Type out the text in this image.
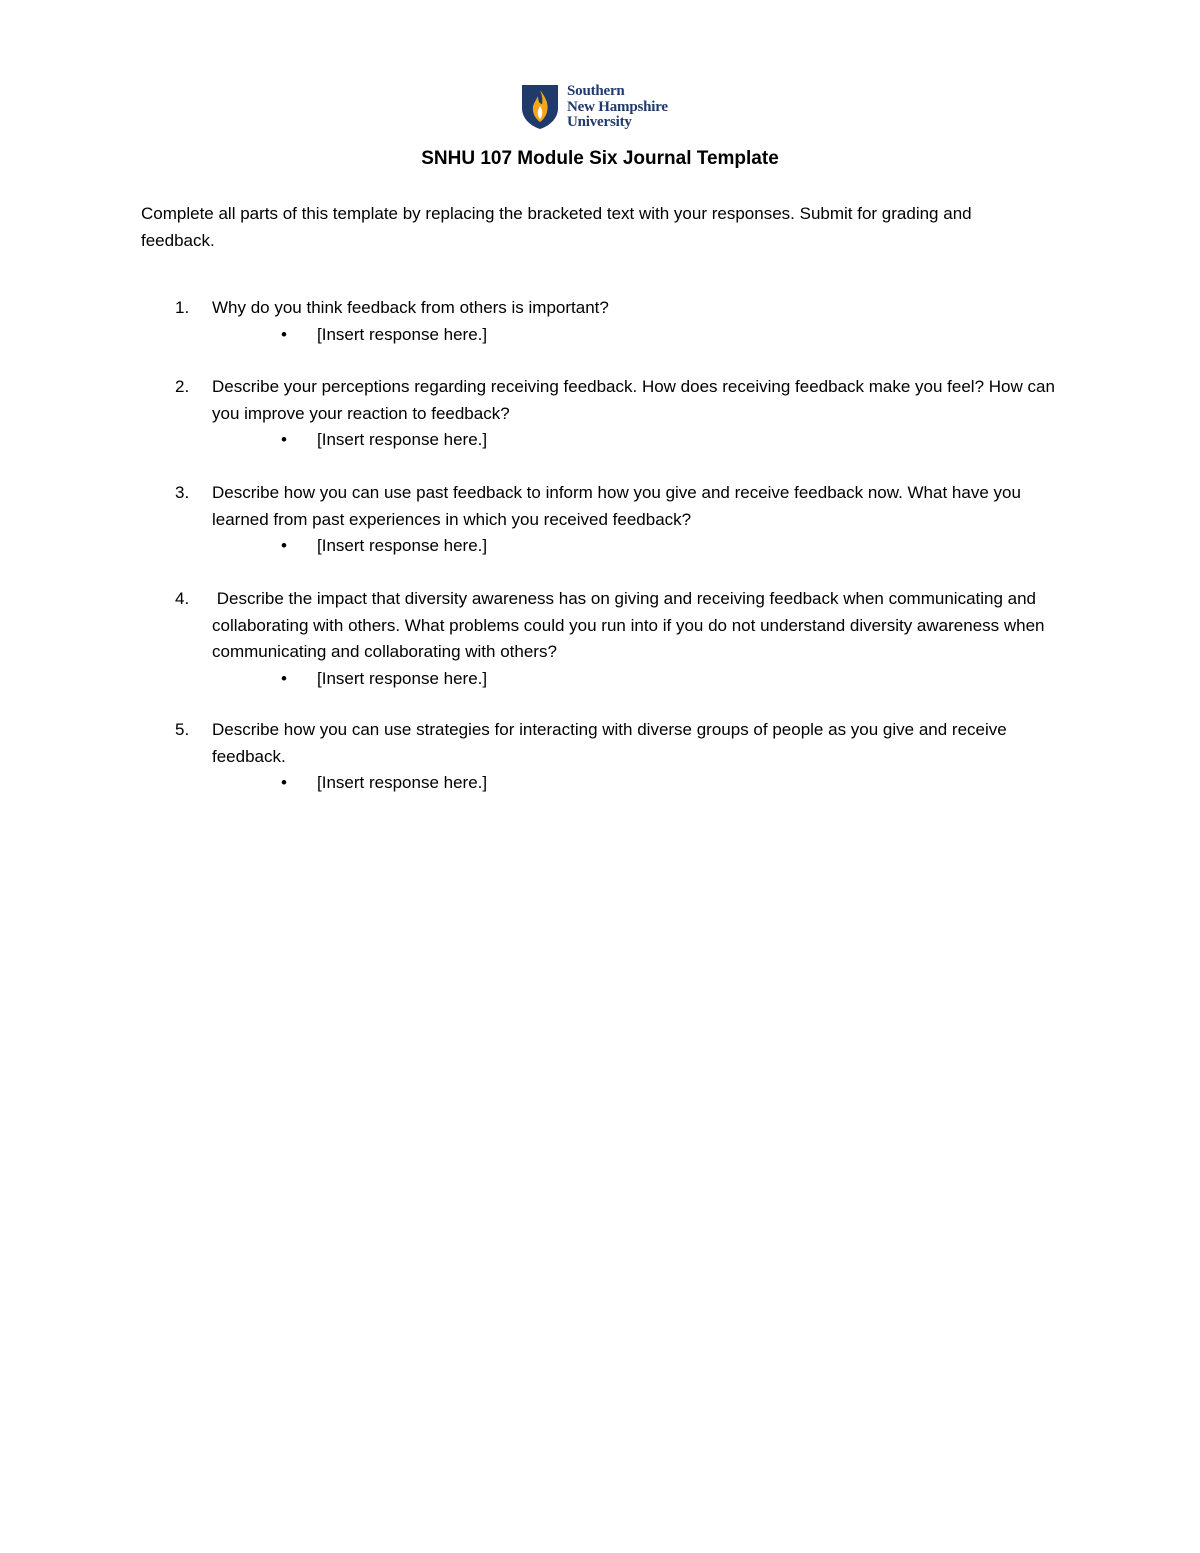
Southern
New Hampshire
University
SNHU 107 Module Six Journal Template
Complete all parts of this template by replacing the bracketed text with your responses. Submit for grading and feedback.
1. Why do you think feedback from others is important?
• [Insert response here.]
2. Describe your perceptions regarding receiving feedback. How does receiving feedback make you feel? How can you improve your reaction to feedback?
• [Insert response here.]
3. Describe how you can use past feedback to inform how you give and receive feedback now. What have you learned from past experiences in which you received feedback?
• [Insert response here.]
4. Describe the impact that diversity awareness has on giving and receiving feedback when communicating and collaborating with others. What problems could you run into if you do not understand diversity awareness when communicating and collaborating with others?
• [Insert response here.]
5. Describe how you can use strategies for interacting with diverse groups of people as you give and receive feedback.
• [Insert response here.]
